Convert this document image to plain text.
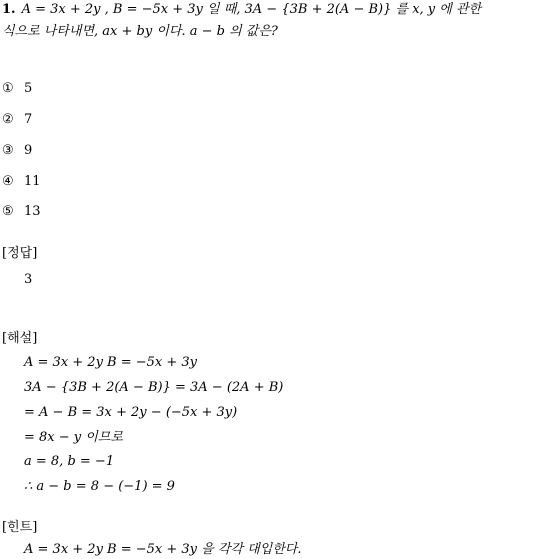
1. A = 3x + 2y , B = −5x + 3y 일 때, 3A − {3B + 2(A − B)} 를 x, y 에 관한
식으로 나타내면, ax + by 이다. a − b 의 값은?
① 5
② 7
③ 9
④ 11
⑤ 13
[정답]
3
[해설]
A = 3x + 2y B = −5x + 3y
3A − {3B + 2(A − B)} = 3A − (2A + B)
= A − B = 3x + 2y − (−5x + 3y)
= 8x − y 이므로
a = 8, b = −1
∴ a − b = 8 − (−1) = 9
[힌트]
A = 3x + 2y B = −5x + 3y 을 각각 대입한다.
